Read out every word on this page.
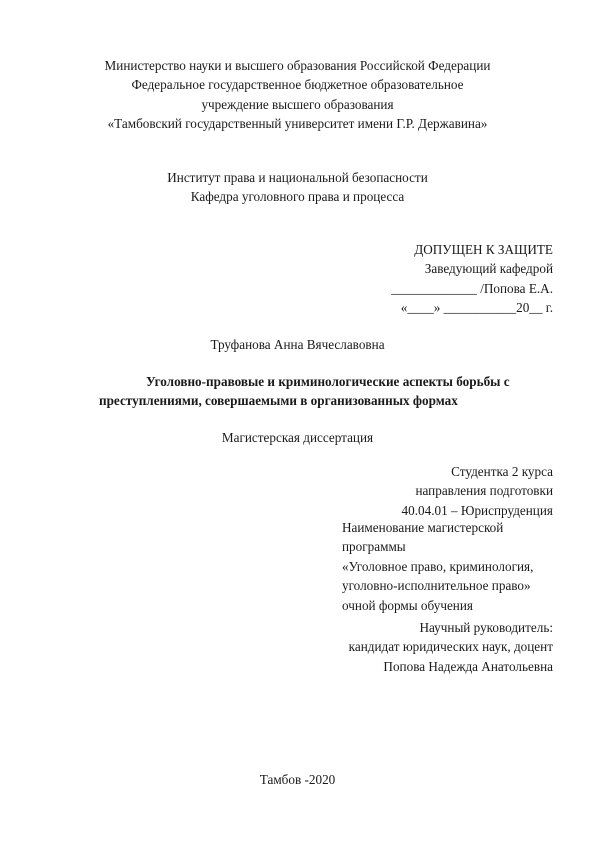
Министерство науки и высшего образования Российской Федерации
Федеральное государственное бюджетное образовательное
учреждение высшего образования
«Тамбовский государственный университет имени Г.Р. Державина»
Институт права и национальной безопасности
Кафедра уголовного права и процесса
ДОПУЩЕН К ЗАЩИТЕ
Заведующий кафедрой
_____________ /Попова Е.А.
«____» ___________20__ г.
Труфанова Анна Вячеславовна
Уголовно-правовые и криминологические аспекты борьбы с
преступлениями, совершаемыми в организованных формах
Магистерская диссертация
Студентка 2 курса
направления подготовки
40.04.01 – Юриспруденция
Наименование магистерской
программы
«Уголовное право, криминология,
уголовно-исполнительное право»
очной формы обучения
Научный руководитель:
кандидат юридических наук, доцент
Попова Надежда Анатольевна
Тамбов -2020
